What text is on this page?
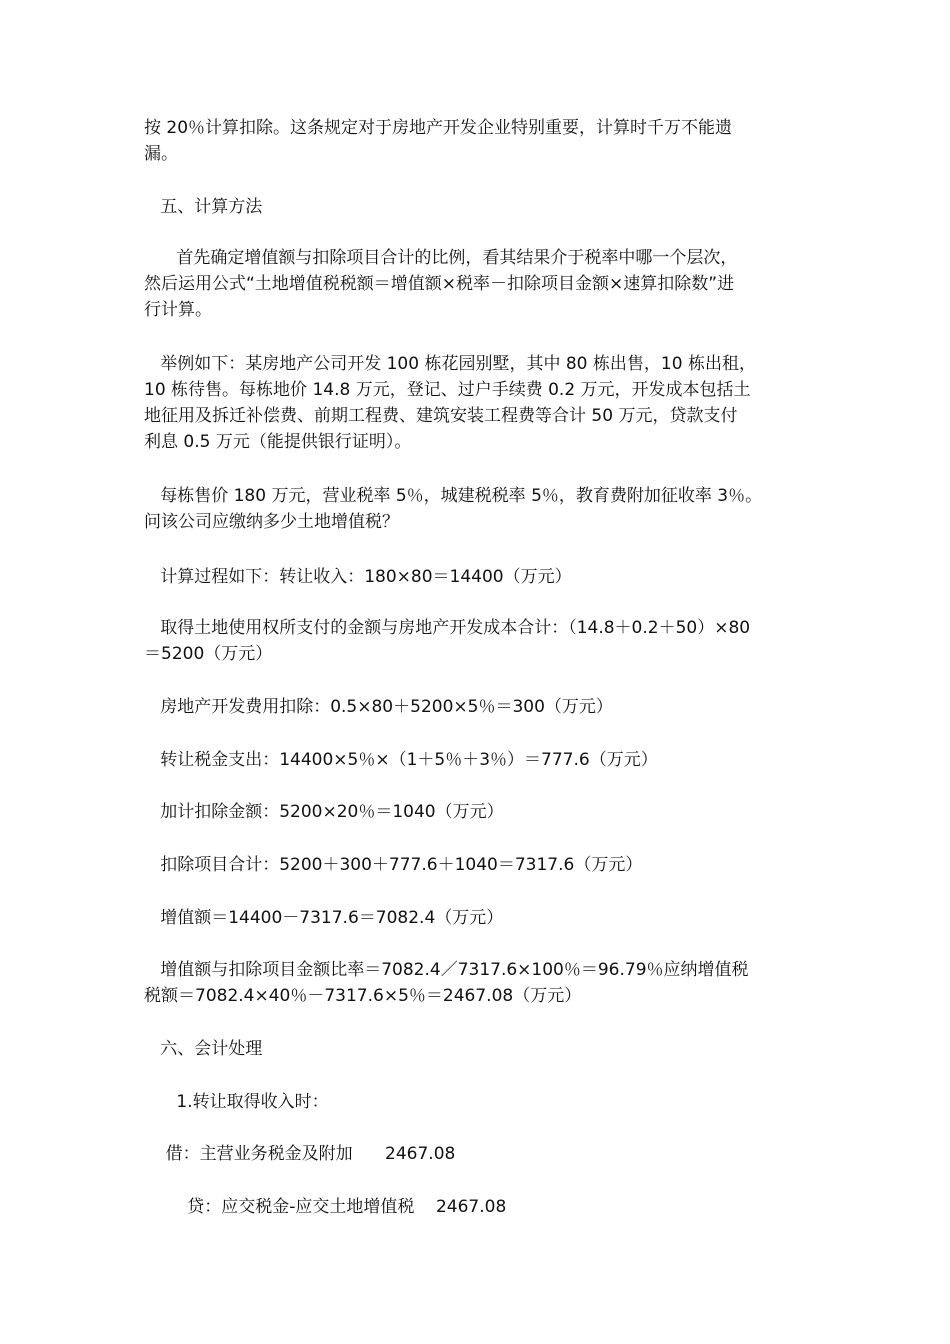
按 20％计算扣除。这条规定对于房地产开发企业特别重要，计算时千万不能遗
漏。

五、计算方法

首先确定增值额与扣除项目合计的比例，看其结果介于税率中哪一个层次，
然后运用公式“土地增值税税额＝增值额×税率－扣除项目金额×速算扣除数”进
行计算。

举例如下：某房地产公司开发 100 栋花园别墅，其中 80 栋出售，10 栋出租，
10 栋待售。每栋地价 14.8 万元，登记、过户手续费 0.2 万元，开发成本包括土
地征用及拆迁补偿费、前期工程费、建筑安装工程费等合计 50 万元，贷款支付
利息 0.5 万元（能提供银行证明）。

每栋售价 180 万元，营业税率 5％，城建税税率 5％，教育费附加征收率 3％。
问该公司应缴纳多少土地增值税？

计算过程如下：转让收入：180×80＝14400（万元）

取得土地使用权所支付的金额与房地产开发成本合计：（14.8＋0.2＋50）×80
＝5200（万元）

房地产开发费用扣除：0.5×80＋5200×5％＝300（万元）

转让税金支出：14400×5％×（1＋5％＋3％）＝777.6（万元）

加计扣除金额：5200×20％＝1040（万元）

扣除项目合计：5200＋300＋777.6＋1040＝7317.6（万元）

增值额＝14400－7317.6＝7082.4（万元）

增值额与扣除项目金额比率＝7082.4／7317.6×100％＝96.79％应纳增值税
税额＝7082.4×40％－7317.6×5％＝2467.08（万元）

六、会计处理

1.转让取得收入时：

借：主营业务税金及附加      2467.08

贷：应交税金-应交土地增值税    2467.08
